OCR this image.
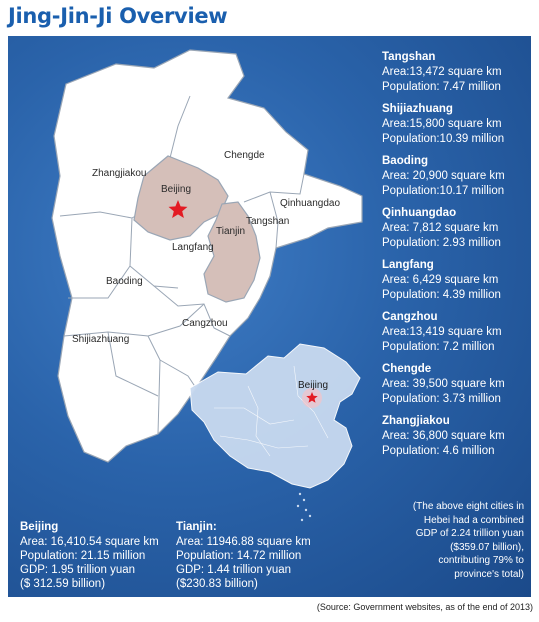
Jing-Jin-Ji Overview
Zhangjiakou
Chengde
Beijing
Qinhuangdao
Tangshan
Tianjin
Langfang
Baoding
Cangzhou
Shijiazhuang
Beijing
Tangshan
Area:13,472 square km
Population: 7.47 million
Shijiazhuang
Area:15,800 square km
Population:10.39 million
Baoding
Area: 20,900 square km
Population:10.17 million
Qinhuangdao
Area: 7,812 square km
Population: 2.93 million
Langfang
Area: 6,429 square km
Population: 4.39 million
Cangzhou
Area:13,419 square km
Population: 7.2 million
Chengde
Area: 39,500 square km
Population: 3.73 million
Zhangjiakou
Area: 36,800 square km
Population: 4.6 million
(The above eight cities in
Hebei had a combined
GDP of 2.24 trillion yuan
($359.07 billion),
contributing 79% to
province's total)
Beijing
Area: 16,410.54 square km
Population: 21.15 million
GDP: 1.95 trillion yuan
($ 312.59 billion)
Tianjin:
Area: 11946.88 square km
Population: 14.72 million
GDP: 1.44 trillion yuan
($230.83 billion)
(Source: Government websites, as of the end of 2013)
